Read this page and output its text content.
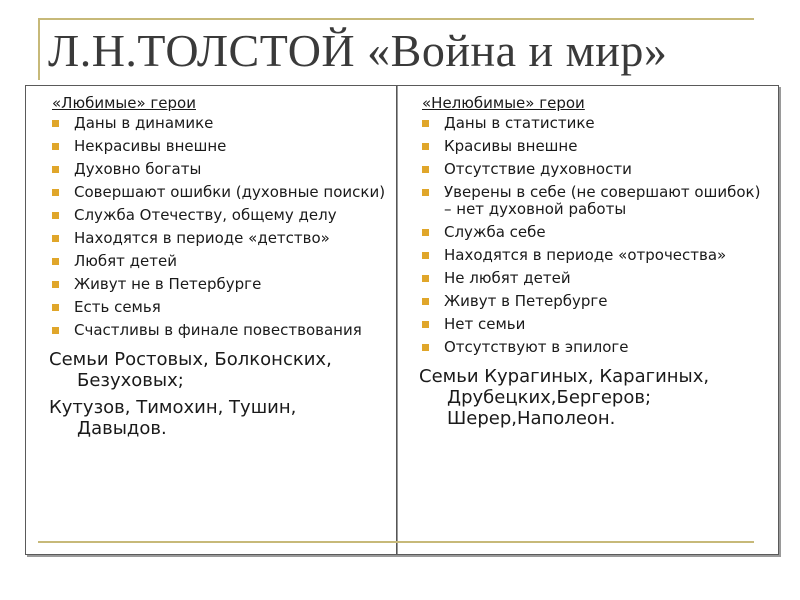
Л.Н.ТОЛСТОЙ «Война и мир»
«Любимые» герои
Даны в динамике
Некрасивы внешне
Духовно богаты
Совершают ошибки (духовные поиски)
Служба Отечеству, общему делу
Находятся в периоде «детство»
Любят детей
Живут не в Петербурге
Есть семья
Счастливы в финале повествования
Семьи Ростовых, Болконских, Безуховых;
Кутузов, Тимохин, Тушин, Давыдов.
«Нелюбимые» герои
Даны в статистике
Красивы внешне
Отсутствие духовности
Уверены в себе (не совершают ошибок) – нет духовной работы
Служба себе
Находятся в периоде «отрочества»
Не любят детей
Живут в Петербурге
Нет семьи
Отсутствуют в эпилоге
Семьи Курагиных, Карагиных, Друбецких,Бергеров; Шерер,Наполеон.
